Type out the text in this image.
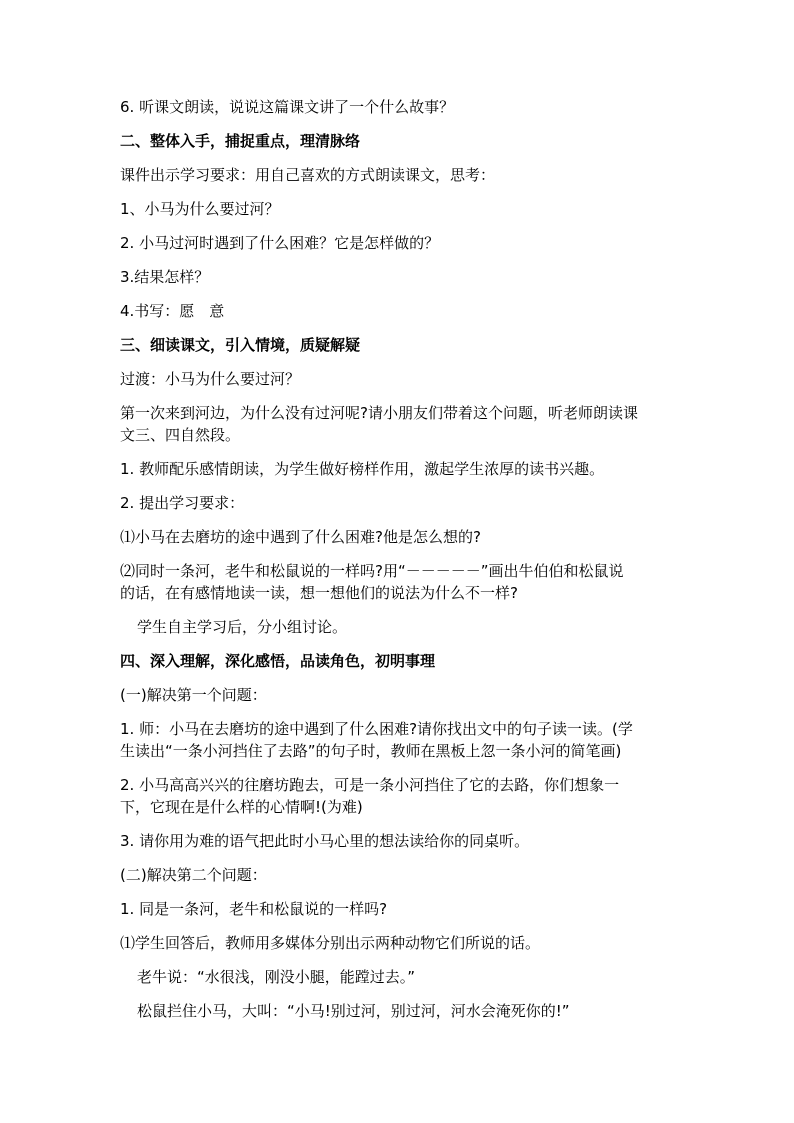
6. 听课文朗读，说说这篇课文讲了一个什么故事？
二、整体入手，捕捉重点，理清脉络
课件出示学习要求：用自己喜欢的方式朗读课文，思考：
1、小马为什么要过河？
2. 小马过河时遇到了什么困难？它是怎样做的？
3.结果怎样？
4.书写：愿　意
三、细读课文，引入情境，质疑解疑
过渡：小马为什么要过河？
第一次来到河边，为什么没有过河呢?请小朋友们带着这个问题，听老师朗读课
文三、四自然段。
1. 教师配乐感情朗读，为学生做好榜样作用，激起学生浓厚的读书兴趣。
2. 提出学习要求：
⑴小马在去磨坊的途中遇到了什么困难?他是怎么想的?
⑵同时一条河，老牛和松鼠说的一样吗?用“－－－－－”画出牛伯伯和松鼠说
的话，在有感情地读一读，想一想他们的说法为什么不一样?
学生自主学习后，分小组讨论。
四、深入理解，深化感悟，品读角色，初明事理
(一)解决第一个问题：
1. 师：小马在去磨坊的途中遇到了什么困难?请你找出文中的句子读一读。(学
生读出“一条小河挡住了去路”的句子时，教师在黑板上忽一条小河的简笔画)
2. 小马高高兴兴的往磨坊跑去，可是一条小河挡住了它的去路，你们想象一
下，它现在是什么样的心情啊!(为难)
3. 请你用为难的语气把此时小马心里的想法读给你的同桌听。
(二)解决第二个问题：
1. 同是一条河，老牛和松鼠说的一样吗?
⑴学生回答后，教师用多媒体分别出示两种动物它们所说的话。
老牛说：“水很浅，刚没小腿，能蹚过去。”
松鼠拦住小马，大叫：“小马!别过河，别过河，河水会淹死你的!”
